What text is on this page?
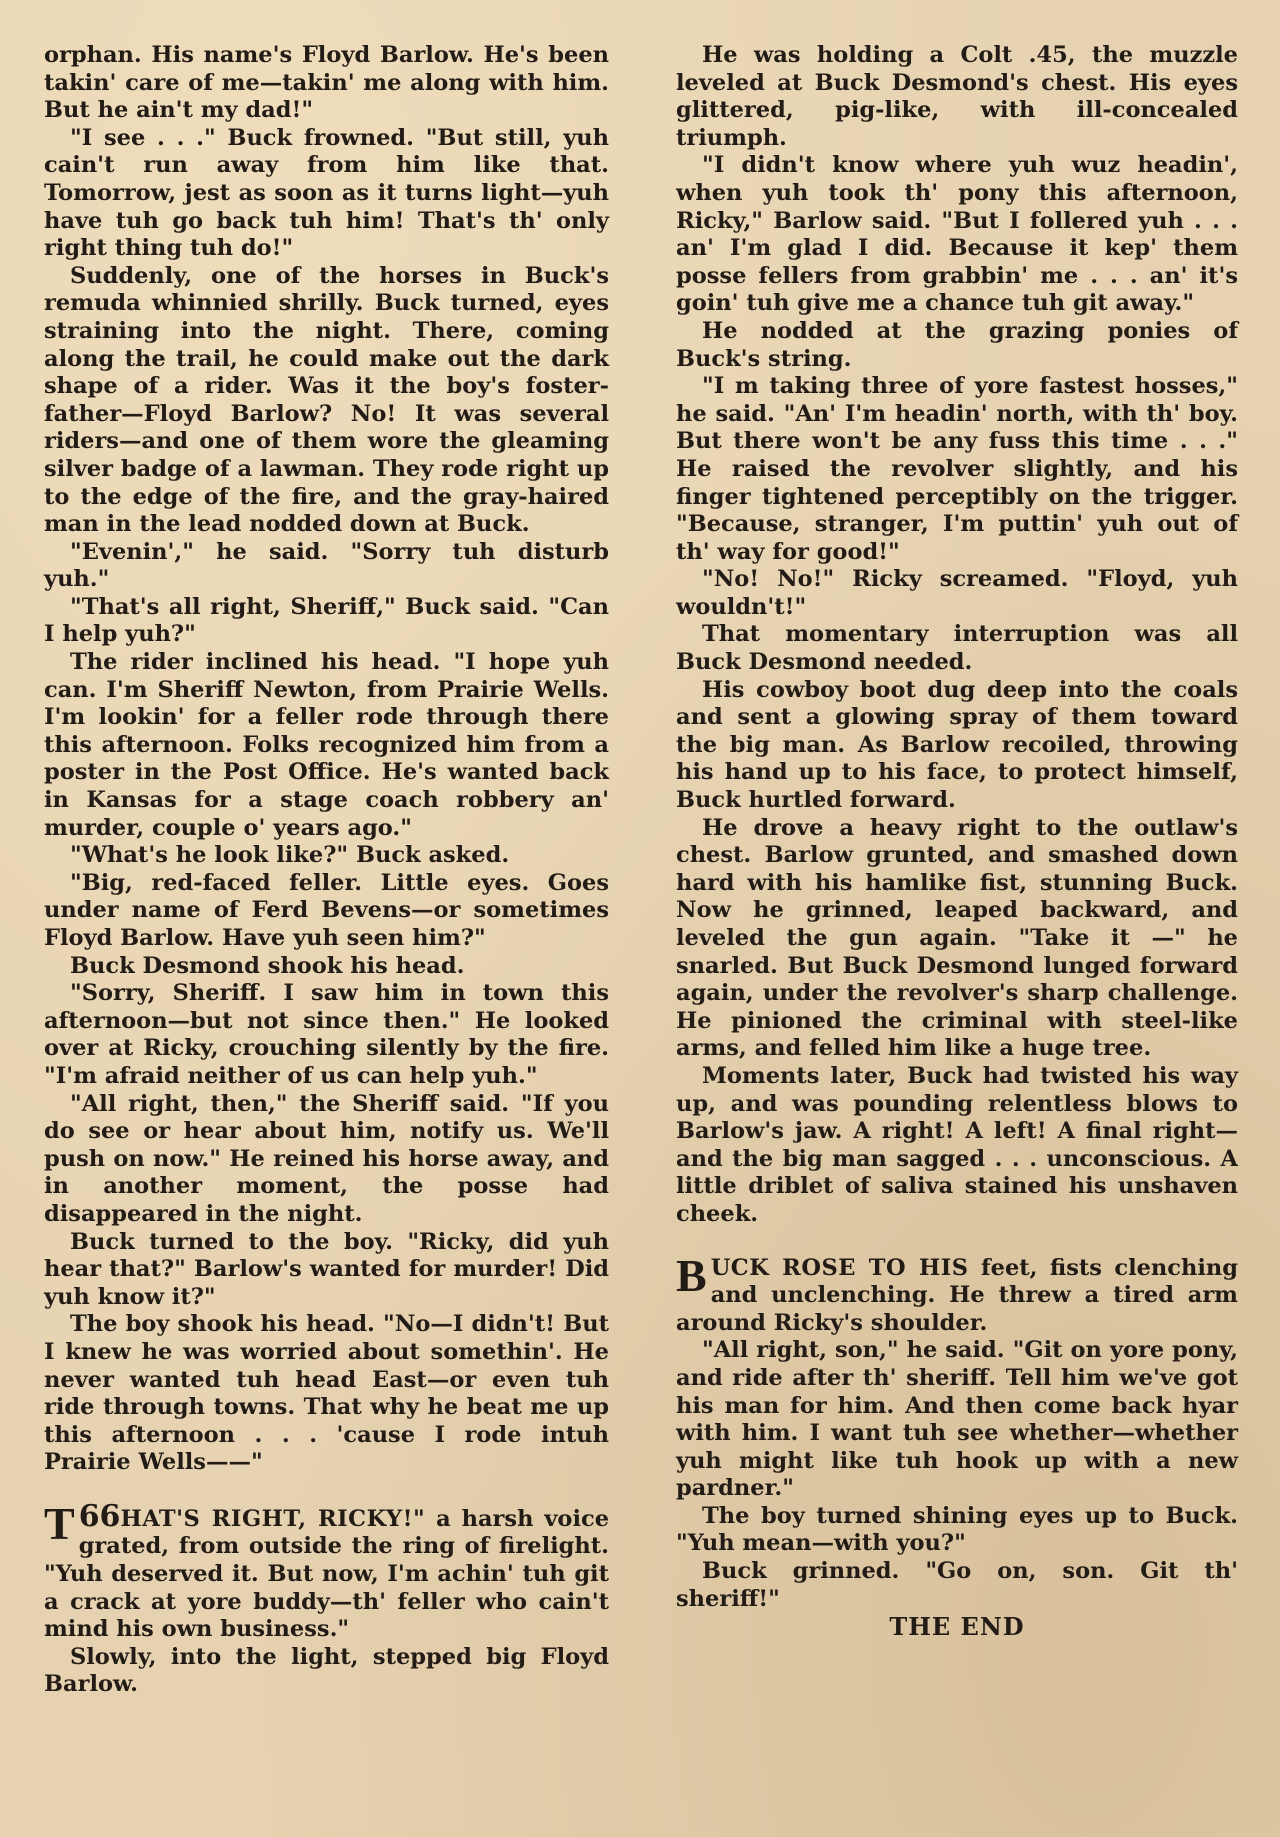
orphan. His name's Floyd Barlow. He's been takin' care of me—takin' me along with him. But he ain't my dad!"

"I see . . ." Buck frowned. "But still, yuh cain't run away from him like that. Tomorrow, jest as soon as it turns light—yuh have tuh go back tuh him! That's th' only right thing tuh do!"

Suddenly, one of the horses in Buck's remuda whinnied shrilly. Buck turned, eyes straining into the night. There, coming along the trail, he could make out the dark shape of a rider. Was it the boy's foster-father—Floyd Barlow? No! It was several riders—and one of them wore the gleaming silver badge of a lawman. They rode right up to the edge of the fire, and the gray-haired man in the lead nodded down at Buck.

"Evenin'," he said. "Sorry tuh disturb yuh."

"That's all right, Sheriff," Buck said. "Can I help yuh?"

The rider inclined his head. "I hope yuh can. I'm Sheriff Newton, from Prairie Wells. I'm lookin' for a feller rode through there this afternoon. Folks recognized him from a poster in the Post Office. He's wanted back in Kansas for a stage coach robbery an' murder, couple o' years ago."

"What's he look like?" Buck asked.

"Big, red-faced feller. Little eyes. Goes under name of Ferd Bevens—or sometimes Floyd Barlow. Have yuh seen him?"

Buck Desmond shook his head.

"Sorry, Sheriff. I saw him in town this afternoon—but not since then." He looked over at Ricky, crouching silently by the fire. "I'm afraid neither of us can help yuh."

"All right, then," the Sheriff said. "If you do see or hear about him, notify us. We'll push on now." He reined his horse away, and in another moment, the posse had disappeared in the night.

Buck turned to the boy. "Ricky, did yuh hear that?" Barlow's wanted for murder! Did yuh know it?"

The boy shook his head. "No—I didn't! But I knew he was worried about somethin'. He never wanted tuh head East—or even tuh ride through towns. That why he beat me up this afternoon . . . 'cause I rode intuh Prairie Wells——"

66
T HAT'S RIGHT, RICKY!" a harsh voice grated, from outside the ring of firelight. "Yuh deserved it. But now, I'm achin' tuh git a crack at yore buddy—th' feller who cain't mind his own business."

Slowly, into the light, stepped big Floyd Barlow.

He was holding a Colt .45, the muzzle leveled at Buck Desmond's chest. His eyes glittered, pig-like, with ill-concealed triumph.

"I didn't know where yuh wuz headin', when yuh took th' pony this afternoon, Ricky," Barlow said. "But I follered yuh . . . an' I'm glad I did. Because it kep' them posse fellers from grabbin' me . . . an' it's goin' tuh give me a chance tuh git away."

He nodded at the grazing ponies of Buck's string.

"I m taking three of yore fastest hosses," he said. "An' I'm headin' north, with th' boy. But there won't be any fuss this time . . ." He raised the revolver slightly, and his finger tightened perceptibly on the trigger. "Because, stranger, I'm puttin' yuh out of th' way for good!"

"No! No!" Ricky screamed. "Floyd, yuh wouldn't!"

That momentary interruption was all Buck Desmond needed.

His cowboy boot dug deep into the coals and sent a glowing spray of them toward the big man. As Barlow recoiled, throwing his hand up to his face, to protect himself, Buck hurtled forward.

He drove a heavy right to the outlaw's chest. Barlow grunted, and smashed down hard with his hamlike fist, stunning Buck. Now he grinned, leaped backward, and leveled the gun again. "Take it —" he snarled. But Buck Desmond lunged forward again, under the revolver's sharp challenge. He pinioned the criminal with steel-like arms, and felled him like a huge tree.

Moments later, Buck had twisted his way up, and was pounding relentless blows to Barlow's jaw. A right! A left! A final right—and the big man sagged . . . unconscious. A little driblet of saliva stained his unshaven cheek.

BUCK ROSE TO HIS feet, fists clenching and unclenching. He threw a tired arm around Ricky's shoulder.

"All right, son," he said. "Git on yore pony, and ride after th' sheriff. Tell him we've got his man for him. And then come back hyar with him. I want tuh see whether—whether yuh might like tuh hook up with a new pardner."

The boy turned shining eyes up to Buck. "Yuh mean—with you?"

Buck grinned. "Go on, son. Git th' sheriff!"

THE END
